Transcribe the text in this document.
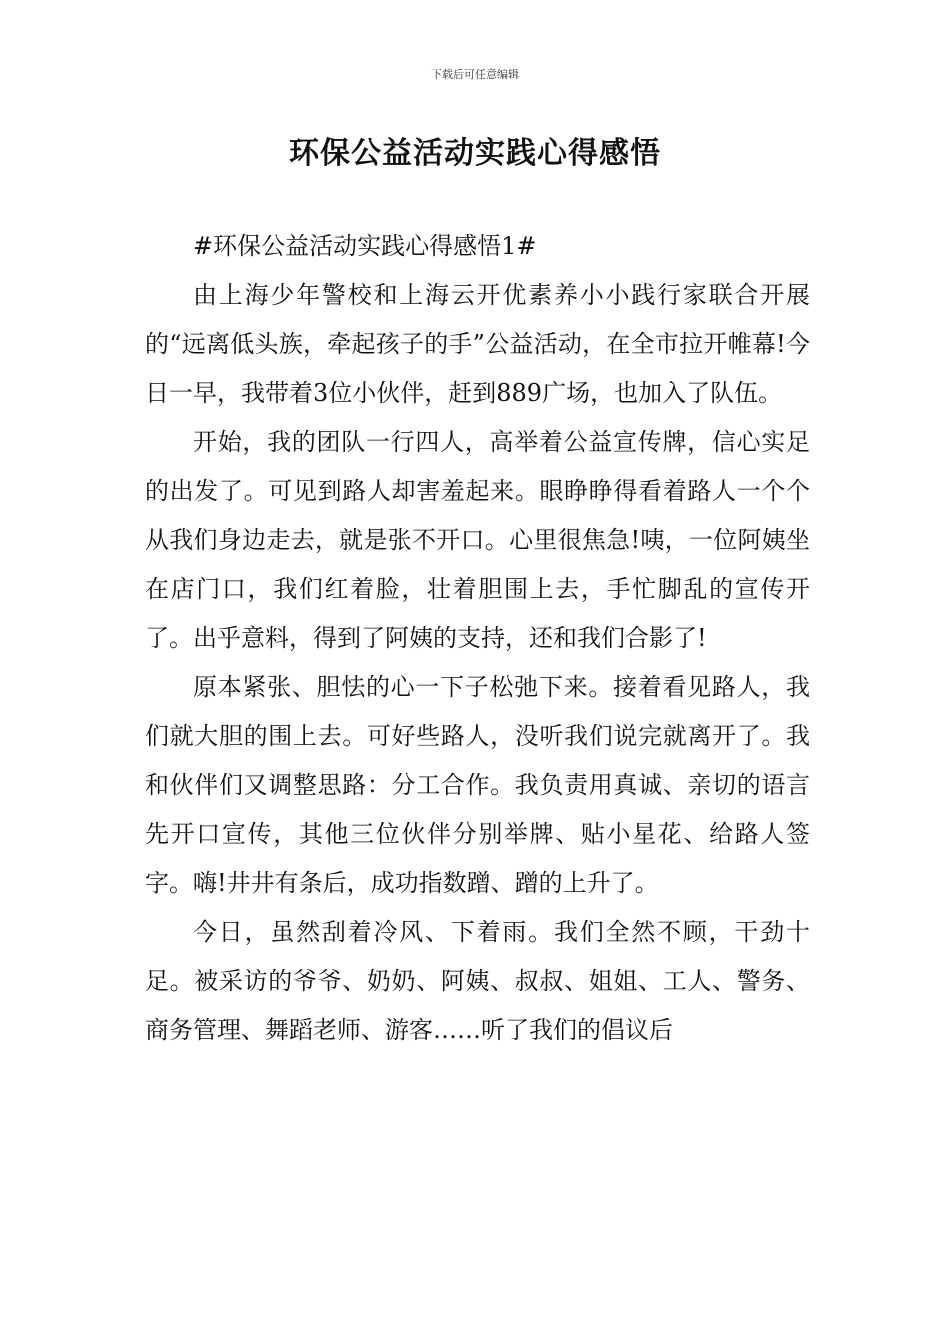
下载后可任意编辑
环保公益活动实践心得感悟

#环保公益活动实践心得感悟1#

由上海少年警校和上海云开优素养小小践行家联合开展的“远离低头族，牵起孩子的手”公益活动，在全市拉开帷幕!今日一早，我带着3位小伙伴，赶到889广场，也加入了队伍。

开始，我的团队一行四人，高举着公益宣传牌，信心实足的出发了。可见到路人却害羞起来。眼睁睁得看着路人一个个从我们身边走去，就是张不开口。心里很焦急!咦，一位阿姨坐在店门口，我们红着脸，壮着胆围上去，手忙脚乱的宣传开了。出乎意料，得到了阿姨的支持，还和我们合影了!

原本紧张、胆怯的心一下子松弛下来。接着看见路人，我们就大胆的围上去。可好些路人，没听我们说完就离开了。我和伙伴们又调整思路：分工合作。我负责用真诚、亲切的语言先开口宣传，其他三位伙伴分别举牌、贴小星花、给路人签字。嗨!井井有条后，成功指数蹭、蹭的上升了。

今日，虽然刮着冷风、下着雨。我们全然不顾，干劲十足。被采访的爷爷、奶奶、阿姨、叔叔、姐姐、工人、警务、商务管理、舞蹈老师、游客……听了我们的倡议后
